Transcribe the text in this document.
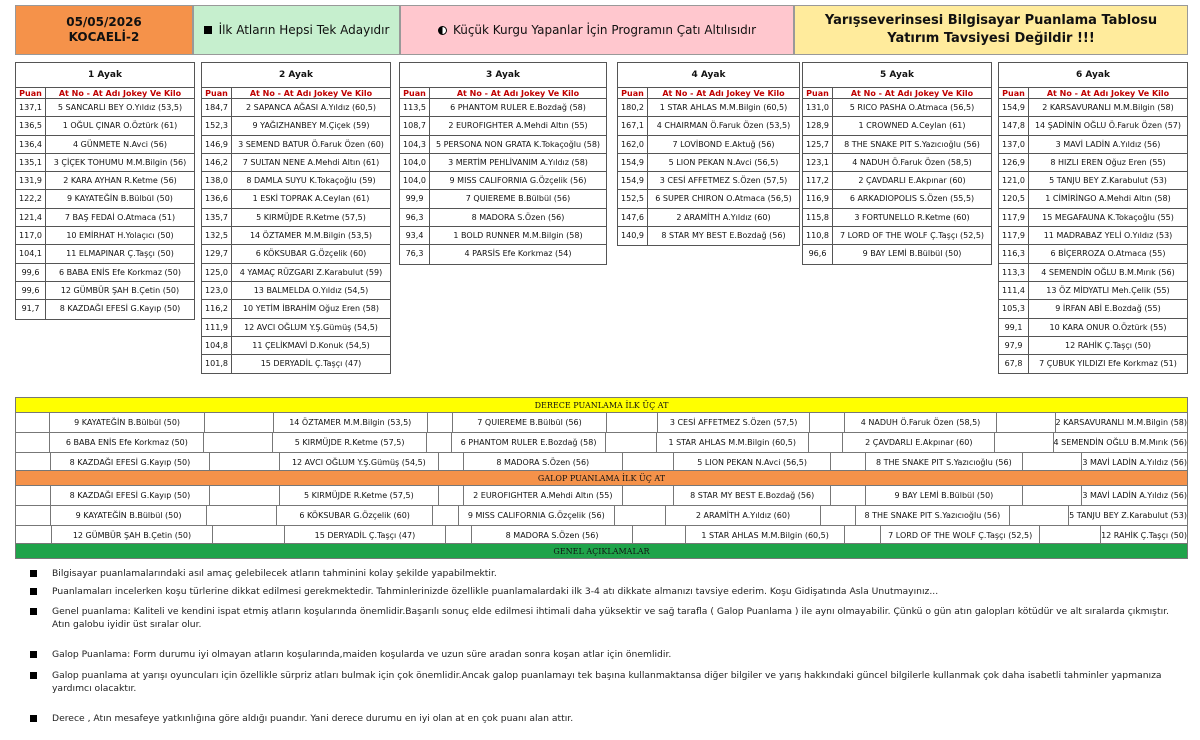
05/05/2026
KOCAELİ-2
İlk Atların Hepsi Tek Adayıdır	Küçük Kurgu Yapanlar İçin Programın Çatı Altılısıdır
Yarışseverinsesi Bilgisayar Puanlama Tablosu
Yatırım Tavsiyesi Değildir !!!
1 Ayak
Puan	At No - At Adı Jokey Ve Kilo
137,1	5 SANCARLI BEY O.Yıldız (53,5)
136,5	1 OĞUL ÇINAR O.Öztürk (61)
136,4	4 GÜNMETE N.Avci (56)
135,1	3 ÇİÇEK TOHUMU M.M.Bilgin (56)
131,9	2 KARA AYHAN R.Ketme (56)
122,2	9 KAYATEĞİN B.Bülbül (50)
121,4	7 BAŞ FEDAİ O.Atmaca (51)
117,0	10 EMİRHAT H.Yolaçıcı (50)
104,1	11 ELMAPINAR Ç.Taşçı (50)
99,6	6 BABA ENİS Efe Korkmaz (50)
99,6	12 GÜMBÜR ŞAH B.Çetin (50)
91,7	8 KAZDAĞI EFESİ G.Kayıp (50)
2 Ayak
Puan	At No - At Adı Jokey Ve Kilo
184,7	2 SAPANCA AĞASI A.Yıldız (60,5)
152,3	9 YAĞIZHANBEY M.Çiçek (59)
146,9	3 SEMEND BATUR Ö.Faruk Özen (60)
146,2	7 SULTAN NENE A.Mehdi Altın (61)
138,0	8 DAMLA SUYU K.Tokaçoğlu (59)
136,6	1 ESKİ TOPRAK A.Ceylan (61)
135,7	5 KIRMÜJDE R.Ketme (57,5)
132,5	14 ÖZTAMER M.M.Bilgin (53,5)
129,7	6 KÖKSUBAR G.Özçelik (60)
125,0	4 YAMAÇ RÜZGARI Z.Karabulut (59)
123,0	13 BALMELDA O.Yıldız (54,5)
116,2	10 YETİM İBRAHİM Oğuz Eren (58)
111,9	12 AVCI OĞLUM Y.Ş.Gümüş (54,5)
104,8	11 ÇELİKMAVİ D.Konuk (54,5)
101,8	15 DERYADİL Ç.Taşçı (47)
3 Ayak
Puan	At No - At Adı Jokey Ve Kilo
113,5	6 PHANTOM RULER E.Bozdağ (58)
108,7	2 EUROFIGHTER A.Mehdi Altın (55)
104,3	5 PERSONA NON GRATA K.Tokaçoğlu (58)
104,0	3 MERTİM PEHLİVANIM A.Yıldız (58)
104,0	9 MISS CALIFORNIA G.Özçelik (56)
99,9	7 QUIEREME B.Bülbül (56)
96,3	8 MADORA S.Özen (56)
93,4	1 BOLD RUNNER M.M.Bilgin (58)
76,3	4 PARSİS Efe Korkmaz (54)
4 Ayak
Puan	At No - At Adı Jokey Ve Kilo
180,2	1 STAR AHLAS M.M.Bilgin (60,5)
167,1	4 CHAIRMAN Ö.Faruk Özen (53,5)
162,0	7 LOVİBOND E.Aktuğ (56)
154,9	5 LION PEKAN N.Avci (56,5)
154,9	3 CESİ AFFETMEZ S.Özen (57,5)
152,5	6 SUPER CHIRON O.Atmaca (56,5)
147,6	2 ARAMİTH A.Yıldız (60)
140,9	8 STAR MY BEST E.Bozdağ (56)
5 Ayak
Puan	At No - At Adı Jokey Ve Kilo
131,0	5 RICO PASHA O.Atmaca (56,5)
128,9	1 CROWNED A.Ceylan (61)
125,7	8 THE SNAKE PIT S.Yazıcıoğlu (56)
123,1	4 NADUH Ö.Faruk Özen (58,5)
117,2	2 ÇAVDARLI E.Akpınar (60)
116,9	6 ARKADIOPOLIS S.Özen (55,5)
115,8	3 FORTUNELLO R.Ketme (60)
110,8	7 LORD OF THE WOLF Ç.Taşçı (52,5)
96,6	9 BAY LEMİ B.Bülbül (50)
6 Ayak
Puan	At No - At Adı Jokey Ve Kilo
154,9	2 KARSAVURANLI M.M.Bilgin (58)
147,8	14 ŞADİNİN OĞLU Ö.Faruk Özen (57)
137,0	3 MAVİ LADİN A.Yıldız (56)
126,9	8 HIZLI EREN Oğuz Eren (55)
121,0	5 TANJU BEY Z.Karabulut (53)
120,5	1 CİMİRİNGO A.Mehdi Altın (58)
117,9	15 MEGAFAUNA K.Tokaçoğlu (55)
117,9	11 MADRABAZ YELİ O.Yıldız (53)
116,3	6 BİÇERROZA O.Atmaca (55)
113,3	4 SEMENDİN OĞLU B.M.Mırık (56)
111,4	13 ÖZ MİDYATLI Meh.Çelik (55)
105,3	9 İRFAN ABİ E.Bozdağ (55)
99,1	10 KARA ONUR O.Öztürk (55)
97,9	12 RAHİK Ç.Taşçı (50)
67,8	7 ÇUBUK YILDIZI Efe Korkmaz (51)
DERECE PUANLAMA İLK ÜÇ AT
9 KAYATEĞİN B.Bülbül (50)	14 ÖZTAMER M.M.Bilgin (53,5)	7 QUIEREME B.Bülbül (56)	3 CESİ AFFETMEZ S.Özen (57,5)	4 NADUH Ö.Faruk Özen (58,5)	2 KARSAVURANLI M.M.Bilgin (58)
6 BABA ENİS Efe Korkmaz (50)	5 KIRMÜJDE R.Ketme (57,5)	6 PHANTOM RULER E.Bozdağ (58)	1 STAR AHLAS M.M.Bilgin (60,5)	2 ÇAVDARLI E.Akpınar (60)	4 SEMENDİN OĞLU B.M.Mırık (56)
8 KAZDAĞI EFESİ G.Kayıp (50)	12 AVCI OĞLUM Y.Ş.Gümüş (54,5)	8 MADORA S.Özen (56)	5 LION PEKAN N.Avci (56,5)	8 THE SNAKE PIT S.Yazıcıoğlu (56)	3 MAVİ LADİN A.Yıldız (56)
GALOP PUANLAMA İLK ÜÇ AT
8 KAZDAĞI EFESİ G.Kayıp (50)	5 KIRMÜJDE R.Ketme (57,5)	2 EUROFIGHTER A.Mehdi Altın (55)	8 STAR MY BEST E.Bozdağ (56)	9 BAY LEMİ B.Bülbül (50)	3 MAVİ LADİN A.Yıldız (56)
9 KAYATEĞİN B.Bülbül (50)	6 KÖKSUBAR G.Özçelik (60)	9 MISS CALIFORNIA G.Özçelik (56)	2 ARAMİTH A.Yıldız (60)	8 THE SNAKE PIT S.Yazıcıoğlu (56)	5 TANJU BEY Z.Karabulut (53)
12 GÜMBÜR ŞAH B.Çetin (50)	15 DERYADİL Ç.Taşçı (47)	8 MADORA S.Özen (56)	1 STAR AHLAS M.M.Bilgin (60,5)	7 LORD OF THE WOLF Ç.Taşçı (52,5)	12 RAHİK Ç.Taşçı (50)
GENEL AÇIKLAMALAR
Bilgisayar puanlamalarındaki asıl amaç gelebilecek atların tahminini kolay şekilde yapabilmektir.
Puanlamaları incelerken koşu türlerine dikkat edilmesi gerekmektedir. Tahminlerinizde özellikle puanlamalardaki ilk 3-4 atı dikkate almanızı tavsiye ederim. Koşu Gidişatında Asla Unutmayınız...
Genel puanlama: Kaliteli ve kendini ispat etmiş atların koşularında önemlidir.Başarılı sonuç elde edilmesi ihtimali daha yüksektir ve sağ tarafla ( Galop Puanlama ) ile aynı olmayabilir. Çünkü o gün atın galopları kötüdür ve alt sıralarda çıkmıştır. Atın galobu iyidir üst sıralar olur.
Galop Puanlama: Form durumu iyi olmayan atların koşularında,maiden koşularda ve uzun süre aradan sonra koşan atlar için önemlidir.
Galop puanlama at yarışı oyuncuları için özellikle sürpriz atları bulmak için çok önemlidir.Ancak galop puanlamayı tek başına kullanmaktansa diğer bilgiler ve yarış hakkındaki güncel bilgilerle kullanmak çok daha isabetli tahminler yapmanıza yardımcı olacaktır.
Derece , Atın mesafeye yatkınlığına göre aldığı puandır. Yani derece durumu en iyi olan at en çok puanı alan attır.
